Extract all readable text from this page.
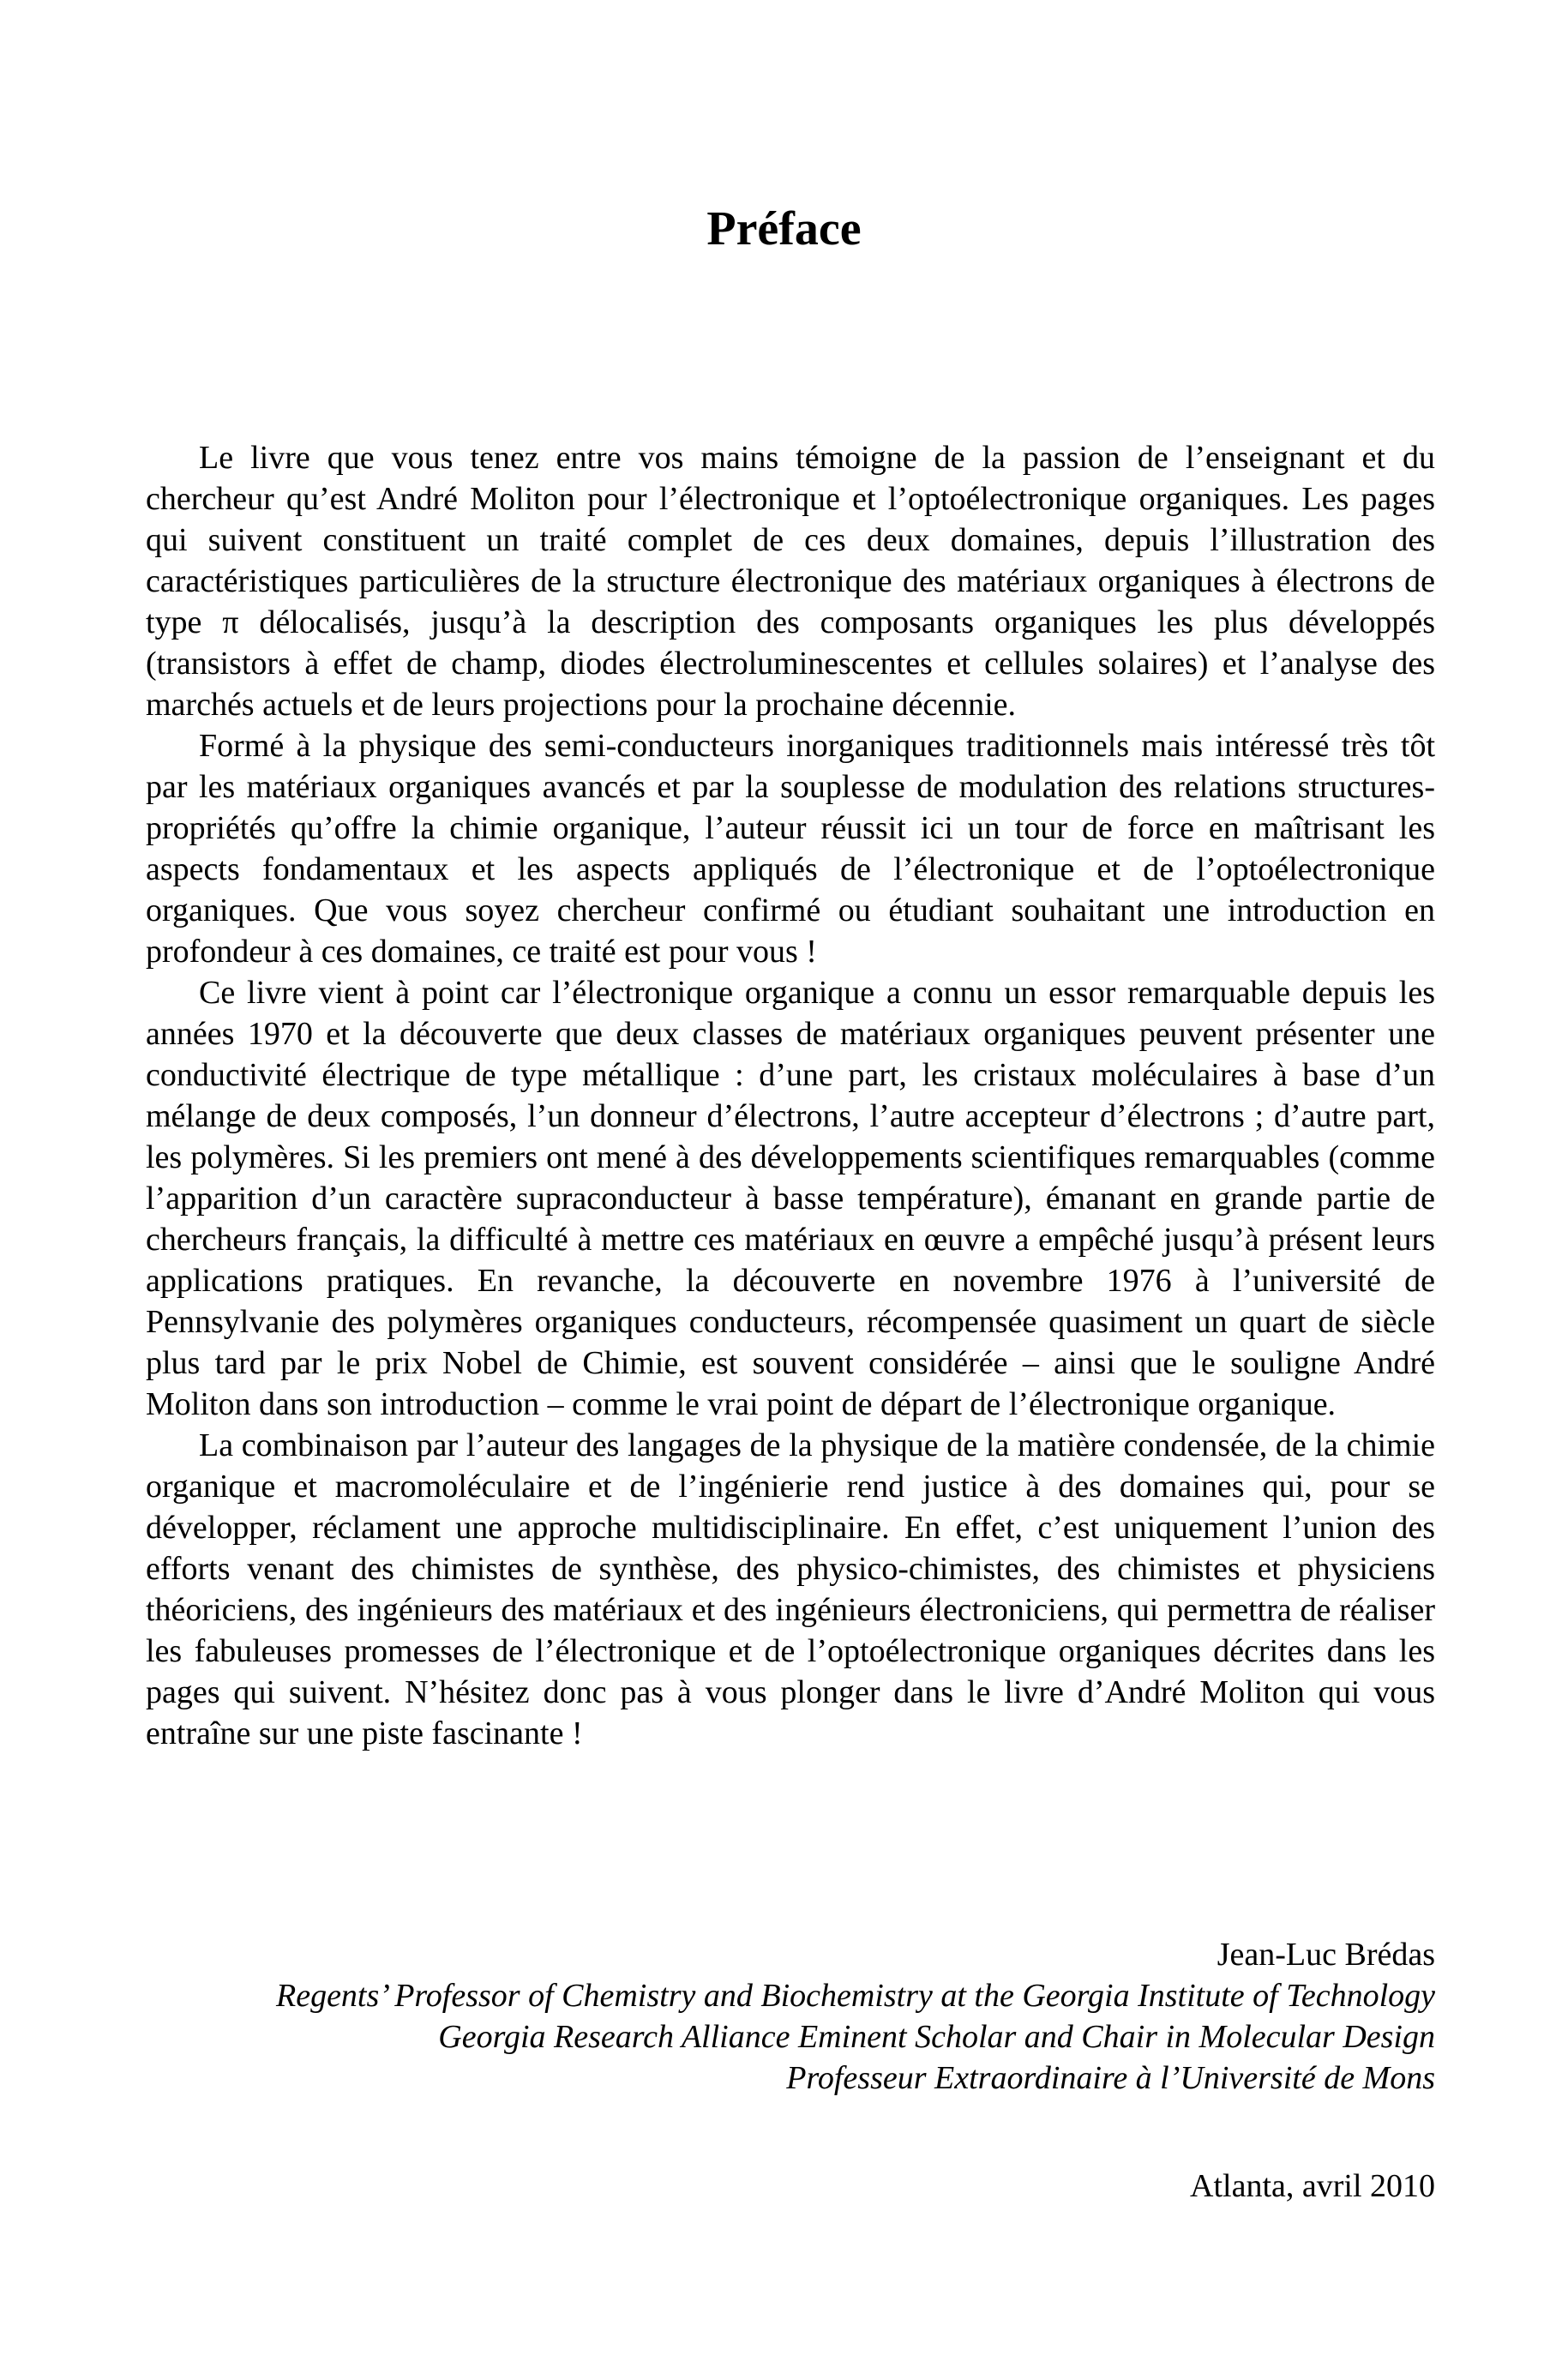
Préface

Le livre que vous tenez entre vos mains témoigne de la passion de l’enseignant et du chercheur qu’est André Moliton pour l’électronique et l’optoélectronique organiques. Les pages qui suivent constituent un traité complet de ces deux domaines, depuis l’illustration des caractéristiques particulières de la structure électronique des matériaux organiques à électrons de type π délocalisés, jusqu’à la description des composants organiques les plus développés (transistors à effet de champ, diodes électroluminescentes et cellules solaires) et l’analyse des marchés actuels et de leurs projections pour la prochaine décennie.

Formé à la physique des semi-conducteurs inorganiques traditionnels mais intéressé très tôt par les matériaux organiques avancés et par la souplesse de modulation des relations structures-propriétés qu’offre la chimie organique, l’auteur réussit ici un tour de force en maîtrisant les aspects fondamentaux et les aspects appliqués de l’électronique et de l’optoélectronique organiques. Que vous soyez chercheur confirmé ou étudiant souhaitant une introduction en profondeur à ces domaines, ce traité est pour vous !

Ce livre vient à point car l’électronique organique a connu un essor remarquable depuis les années 1970 et la découverte que deux classes de matériaux organiques peuvent présenter une conductivité électrique de type métallique : d’une part, les cristaux moléculaires à base d’un mélange de deux composés, l’un donneur d’électrons, l’autre accepteur d’électrons ; d’autre part, les polymères. Si les premiers ont mené à des développements scientifiques remarquables (comme l’apparition d’un caractère supraconducteur à basse température), émanant en grande partie de chercheurs français, la difficulté à mettre ces matériaux en œuvre a empêché jusqu’à présent leurs applications pratiques. En revanche, la découverte en novembre 1976 à l’université de Pennsylvanie des polymères organiques conducteurs, récompensée quasiment un quart de siècle plus tard par le prix Nobel de Chimie, est souvent considérée – ainsi que le souligne André Moliton dans son introduction – comme le vrai point de départ de l’électronique organique.

La combinaison par l’auteur des langages de la physique de la matière condensée, de la chimie organique et macromoléculaire et de l’ingénierie rend justice à des domaines qui, pour se développer, réclament une approche multidisciplinaire. En effet, c’est uniquement l’union des efforts venant des chimistes de synthèse, des physico-chimistes, des chimistes et physiciens théoriciens, des ingénieurs des matériaux et des ingénieurs électroniciens, qui permettra de réaliser les fabuleuses promesses de l’électronique et de l’optoélectronique organiques décrites dans les pages qui suivent. N’hésitez donc pas à vous plonger dans le livre d’André Moliton qui vous entraîne sur une piste fascinante !

Jean-Luc Brédas
Regents’ Professor of Chemistry and Biochemistry at the Georgia Institute of Technology
Georgia Research Alliance Eminent Scholar and Chair in Molecular Design
Professeur Extraordinaire à l’Université de Mons

Atlanta, avril 2010
